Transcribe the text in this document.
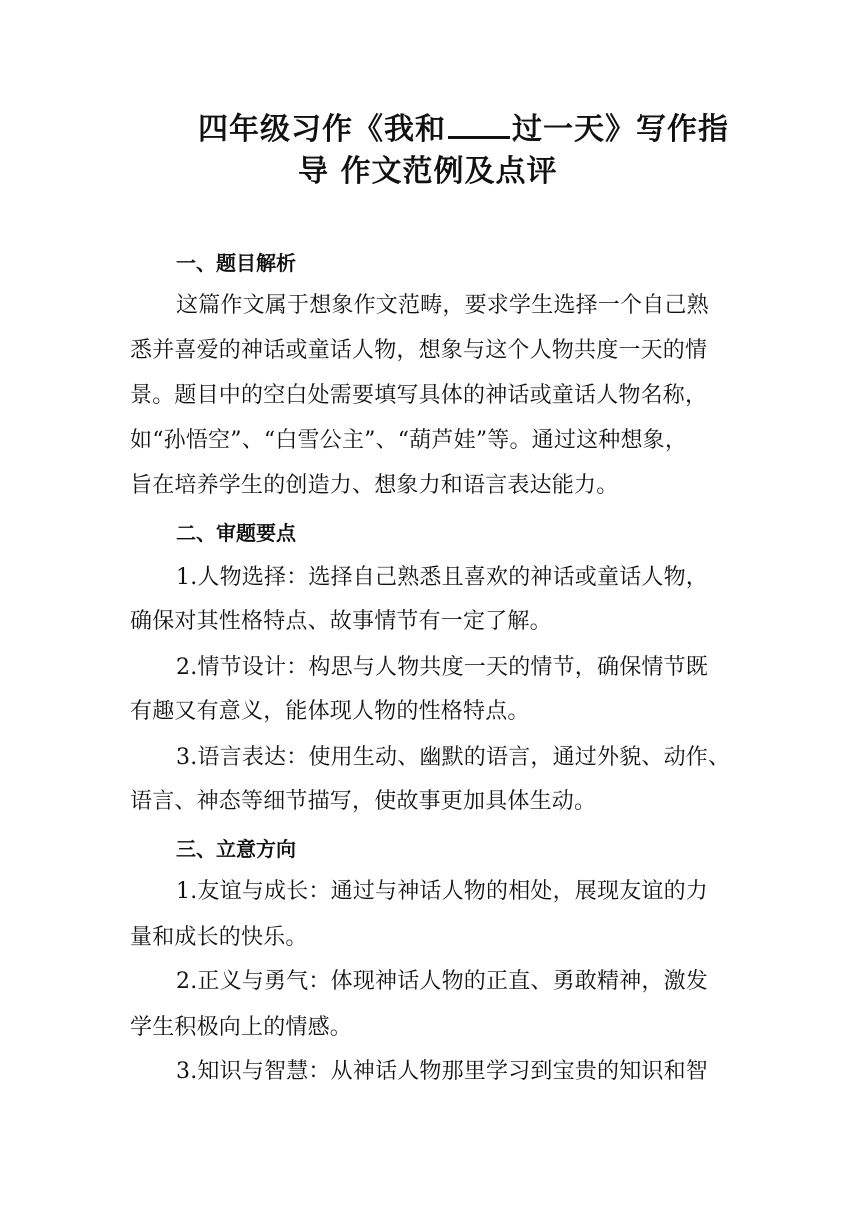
四年级习作《我和 过一天》写作指
导 作文范例及点评
一、题目解析
这篇作文属于想象作文范畴，要求学生选择一个自己熟
悉并喜爱的神话或童话人物，想象与这个人物共度一天的情
景。题目中的空白处需要填写具体的神话或童话人物名称，
如“孙悟空”、“白雪公主”、“葫芦娃”等。通过这种想象，
旨在培养学生的创造力、想象力和语言表达能力。
二、审题要点
1.人物选择：选择自己熟悉且喜欢的神话或童话人物，
确保对其性格特点、故事情节有一定了解。
2.情节设计：构思与人物共度一天的情节，确保情节既
有趣又有意义，能体现人物的性格特点。
3.语言表达：使用生动、幽默的语言，通过外貌、动作、
语言、神态等细节描写，使故事更加具体生动。
三、立意方向
1.友谊与成长：通过与神话人物的相处，展现友谊的力
量和成长的快乐。
2.正义与勇气：体现神话人物的正直、勇敢精神，激发
学生积极向上的情感。
3.知识与智慧：从神话人物那里学习到宝贵的知识和智
